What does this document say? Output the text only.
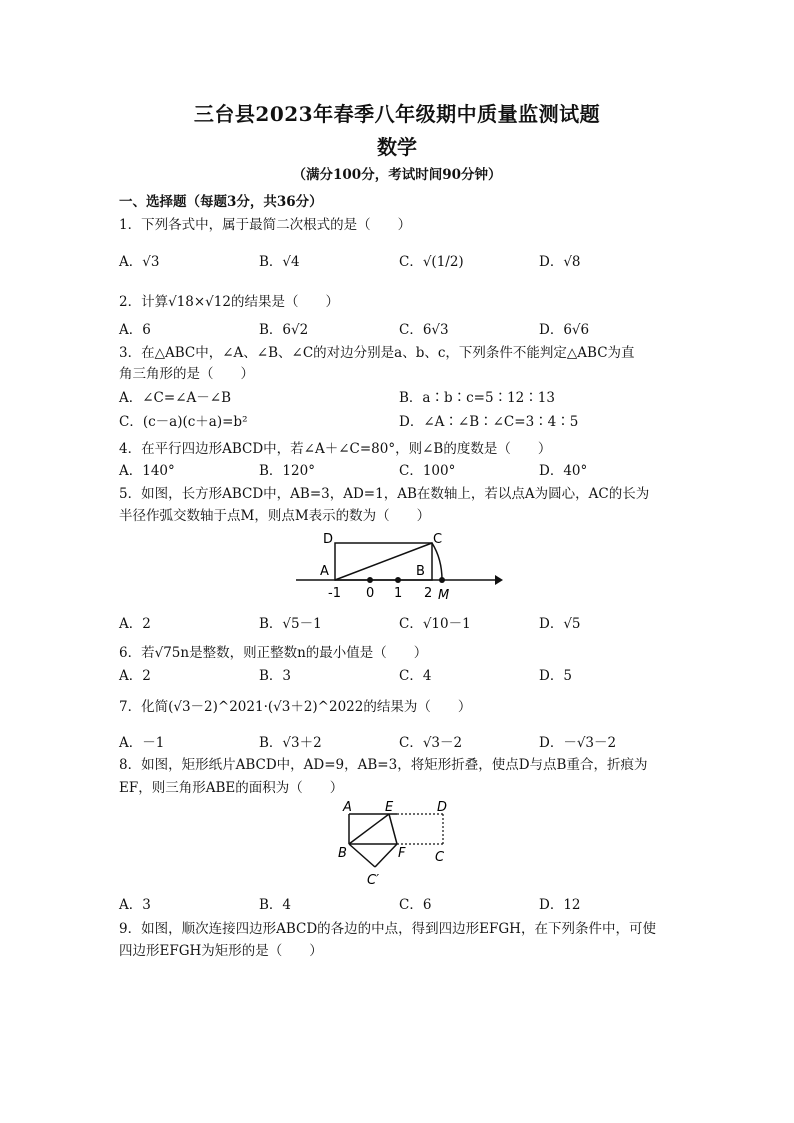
三台县2023年春季八年级期中质量监测试题
数学
（满分100分，考试时间90分钟）
一、选择题（每题3分，共36分）
1．下列各式中，属于最简二次根式的是（　　）
A．√3	B．√4	C．√(1/2)	D．√8
2．计算√18×√12的结果是（　　）
A．6	B．6√2	C．6√3	D．6√6
3．在△ABC中，∠A、∠B、∠C的对边分别是a、b、c，下列条件不能判定△ABC为直
角三角形的是（　　）
A．∠C=∠A－∠B	B．a∶b∶c=5∶12∶13
C．(c－a)(c＋a)=b²	D．∠A∶∠B∶∠C=3∶4∶5
4．在平行四边形ABCD中，若∠A＋∠C=80°，则∠B的度数是（　　）
A．140°	B．120°	C．100°	D．40°
5．如图，长方形ABCD中，AB=3，AD=1，AB在数轴上，若以点A为圆心，AC的长为
半径作弧交数轴于点M，则点M表示的数为（　　）
D	C
A	B
-1 0 1 2 M
A．2	B．√5－1	C．√10－1	D．√5
6．若√75n是整数，则正整数n的最小值是（　　）
A．2	B．3	C．4	D．5
7．化简(√3－2)^2021·(√3＋2)^2022的结果为（　　）
A．－1	B．√3＋2	C．√3－2	D．－√3－2
8．如图，矩形纸片ABCD中，AD=9，AB=3，将矩形折叠，使点D与点B重合，折痕为
EF，则三角形ABE的面积为（　　）
A	E	D
B	F C
C′
A．3	B．4	C．6	D．12
9．如图，顺次连接四边形ABCD的各边的中点，得到四边形EFGH，在下列条件中，可使
四边形EFGH为矩形的是（　　）
